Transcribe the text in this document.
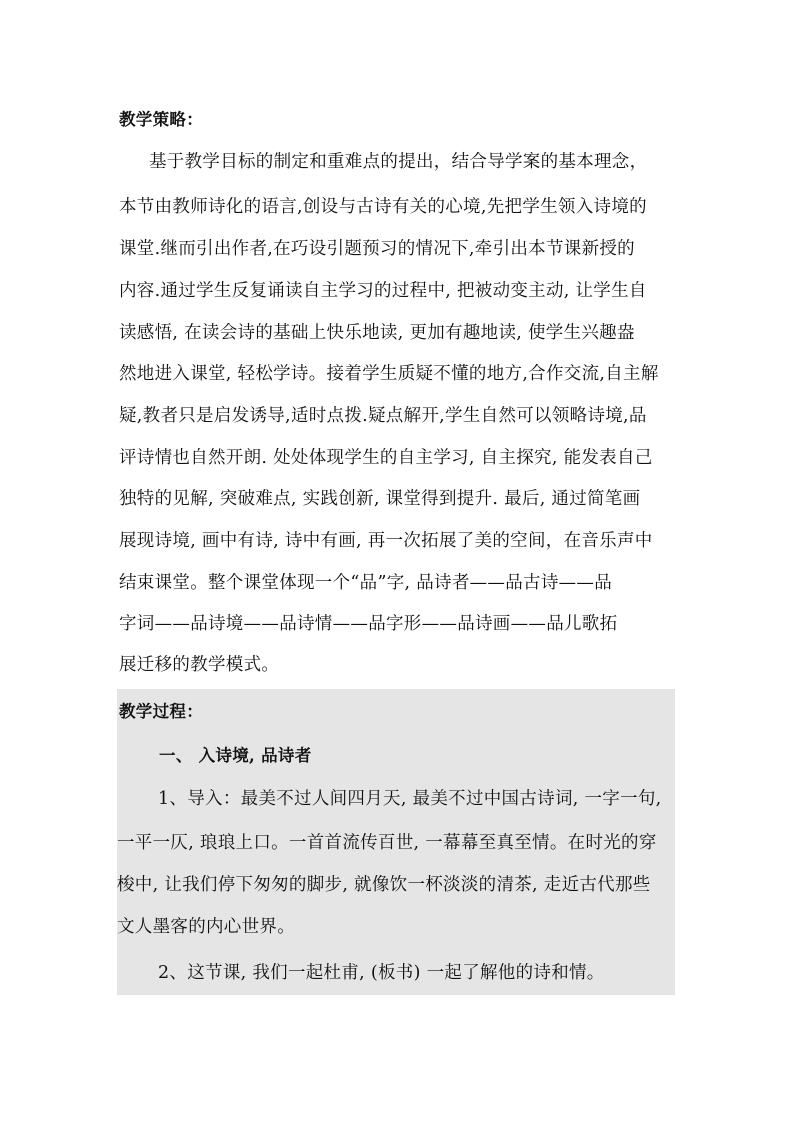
教学策略：
基于教学目标的制定和重难点的提出，结合导学案的基本理念，
本节由教师诗化的语言,创设与古诗有关的心境,先把学生领入诗境的
课堂.继而引出作者,在巧设引题预习的情况下,牵引出本节课新授的
内容.通过学生反复诵读自主学习的过程中, 把被动变主动, 让学生自
读感悟, 在读会诗的基础上快乐地读, 更加有趣地读, 使学生兴趣盎
然地进入课堂, 轻松学诗。接着学生质疑不懂的地方,合作交流,自主解
疑,教者只是启发诱导,适时点拨.疑点解开,学生自然可以领略诗境,品
评诗情也自然开朗. 处处体现学生的自主学习, 自主探究, 能发表自己
独特的见解, 突破难点, 实践创新, 课堂得到提升. 最后, 通过简笔画
展现诗境, 画中有诗, 诗中有画, 再一次拓展了美的空间，在音乐声中
结束课堂。整个课堂体现一个“品”字, 品诗者——品古诗——品
字词——品诗境——品诗情——品字形——品诗画——品儿歌拓
展迁移的教学模式。
教学过程：
一、 入诗境, 品诗者
1、导入：最美不过人间四月天, 最美不过中国古诗词, 一字一句,
一平一仄, 琅琅上口。一首首流传百世, 一幕幕至真至情。在时光的穿
梭中, 让我们停下匆匆的脚步, 就像饮一杯淡淡的清茶, 走近古代那些
文人墨客的内心世界。
2、这节课, 我们一起杜甫, (板书) 一起了解他的诗和情。
